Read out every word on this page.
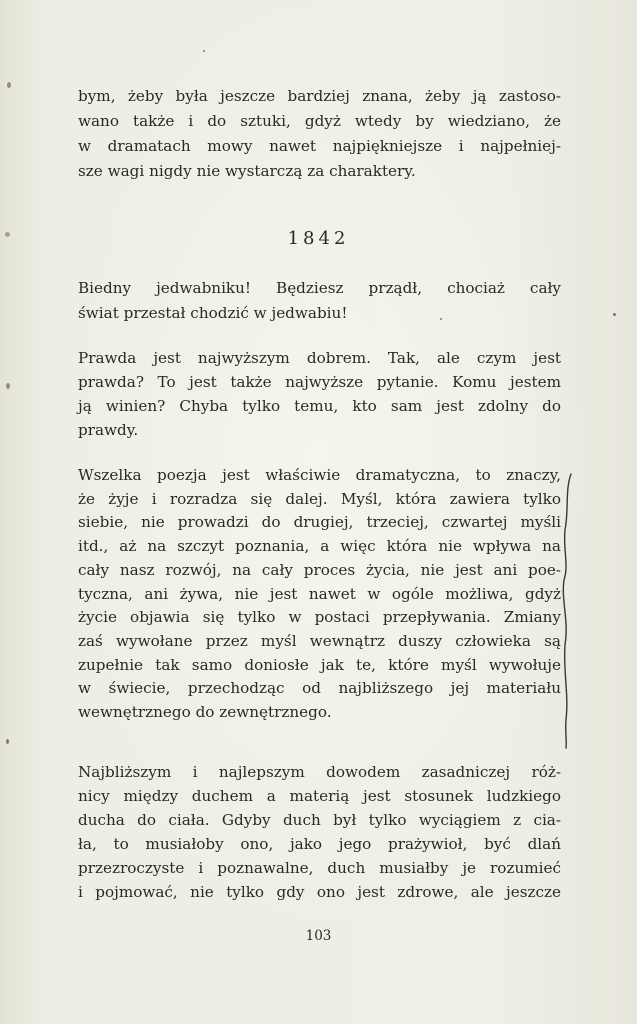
bym, żeby była jeszcze bardziej znana, żeby ją zastoso-
wano także i do sztuki, gdyż wtedy by wiedziano, że
w dramatach mowy nawet najpiękniejsze i najpełniej-
sze wagi nigdy nie wystarczą za charaktery.
1842
Biedny jedwabniku! Będziesz prządł, chociaż cały
świat przestał chodzić w jedwabiu!
Prawda jest najwyższym dobrem. Tak, ale czym jest
prawda? To jest także najwyższe pytanie. Komu jestem
ją winien? Chyba tylko temu, kto sam jest zdolny do
prawdy.
Wszelka poezja jest właściwie dramatyczna, to znaczy,
że żyje i rozradza się dalej. Myśl, która zawiera tylko
siebie, nie prowadzi do drugiej, trzeciej, czwartej myśli
itd., aż na szczyt poznania, a więc która nie wpływa na
cały nasz rozwój, na cały proces życia, nie jest ani poe-
tyczna, ani żywa, nie jest nawet w ogóle możliwa, gdyż
życie objawia się tylko w postaci przepływania. Zmiany
zaś wywołane przez myśl wewnątrz duszy człowieka są
zupełnie tak samo doniosłe jak te, które myśl wywołuje
w świecie, przechodząc od najbliższego jej materiału
wewnętrznego do zewnętrznego.
Najbliższym i najlepszym dowodem zasadniczej róż-
nicy między duchem a materią jest stosunek ludzkiego
ducha do ciała. Gdyby duch był tylko wyciągiem z cia-
ła, to musiałoby ono, jako jego prażywioł, być dlań
przezroczyste i poznawalne, duch musiałby je rozumieć
i pojmować, nie tylko gdy ono jest zdrowe, ale jeszcze
103
